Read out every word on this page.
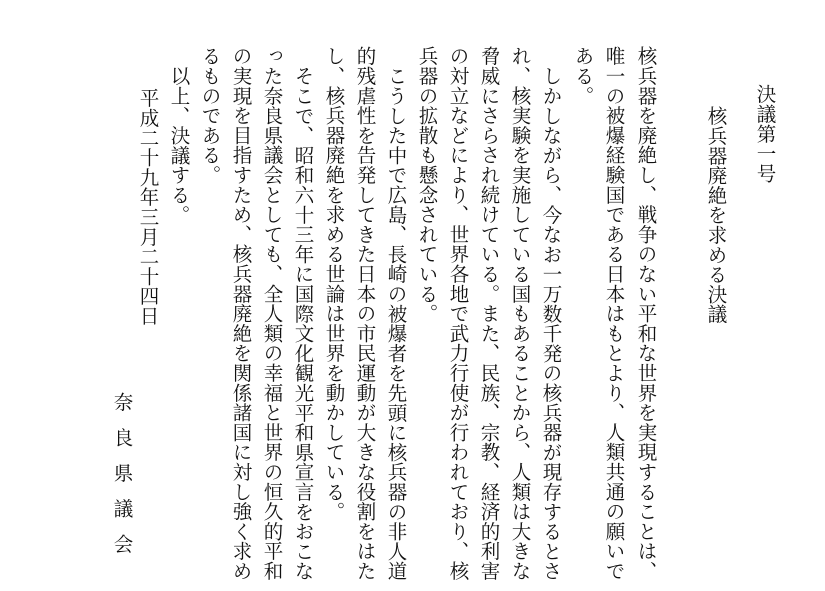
決議第一号
核兵器廃絶を求める決議
核兵器を廃絶し、戦争のない平和な世界を実現することは、
唯一の被爆経験国である日本はもとより、人類共通の願いで
ある。
しかしながら、今なお一万数千発の核兵器が現存するとさ
れ、核実験を実施している国もあることから、人類は大きな
脅威にさらされ続けている。また、民族、宗教、経済的利害
の対立などにより、世界各地で武力行使が行われており、核
兵器の拡散も懸念されている。
こうした中で広島、長崎の被爆者を先頭に核兵器の非人道
的残虐性を告発してきた日本の市民運動が大きな役割をはた
し、核兵器廃絶を求める世論は世界を動かしている。
そこで、昭和六十三年に国際文化観光平和県宣言をおこな
った奈良県議会としても、全人類の幸福と世界の恒久的平和
の実現を目指すため、核兵器廃絶を関係諸国に対し強く求め
るものである。
以上、決議する。
平成二十九年三月二十四日
奈良県議会
